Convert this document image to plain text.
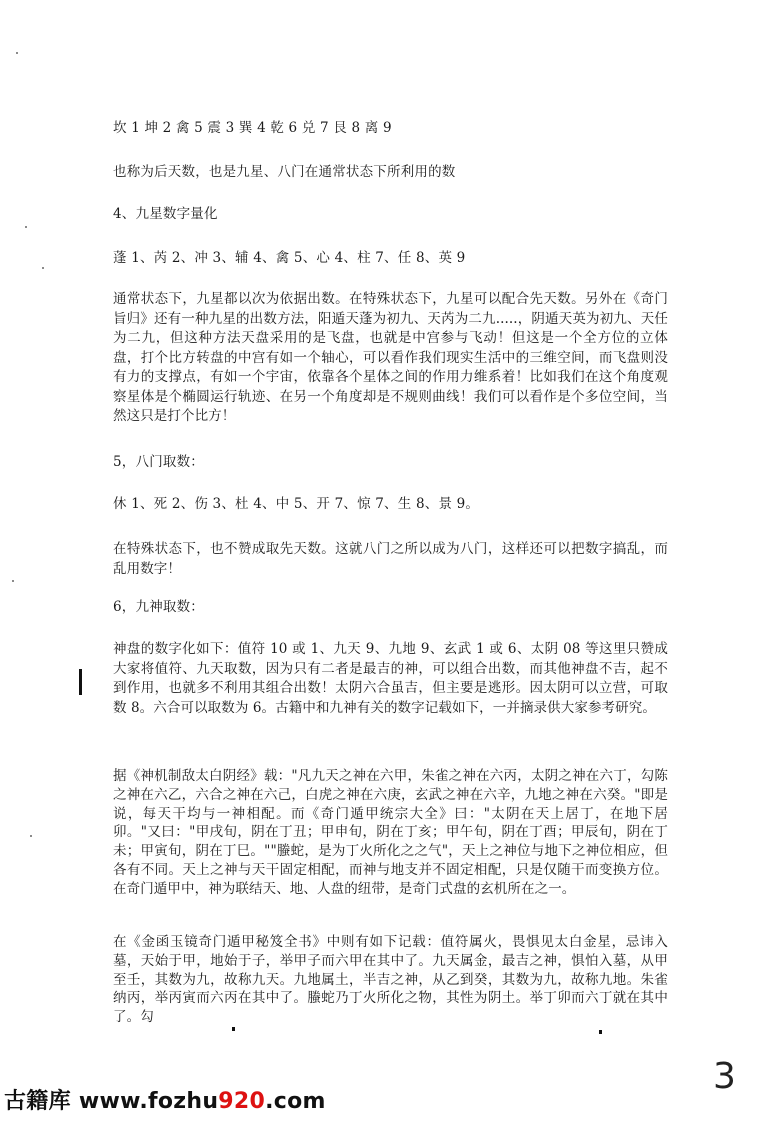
坎 1 坤 2 禽 5 震 3 巽 4 乾 6 兑 7 艮 8 离 9
也称为后天数，也是九星、八门在通常状态下所利用的数
4、九星数字量化
蓬 1、芮 2、冲 3、辅 4、禽 5、心 4、柱 7、任 8、英 9
通常状态下，九星都以次为依据出数。在特殊状态下，九星可以配合先天数。另外在《奇门旨归》还有一种九星的出数方法，阳遁天蓬为初九、天芮为二九.....，阴遁天英为初九、天任为二九，但这种方法天盘采用的是飞盘，也就是中宫参与飞动！但这是一个全方位的立体盘，打个比方转盘的中宫有如一个轴心，可以看作我们现实生活中的三维空间，而飞盘则没有力的支撑点，有如一个宇宙，依靠各个星体之间的作用力维系着！比如我们在这个角度观察星体是个椭圆运行轨迹、在另一个角度却是不规则曲线！我们可以看作是个多位空间，当然这只是打个比方！
5，八门取数：
休 1、死 2、伤 3、杜 4、中 5、开 7、惊 7、生 8、景 9。
在特殊状态下，也不赞成取先天数。这就八门之所以成为八门，这样还可以把数字搞乱，而乱用数字！
6，九神取数：
神盘的数字化如下：值符 10 或 1、九天 9、九地 9、玄武 1 或 6、太阴 08 等这里只赞成大家将值符、九天取数，因为只有二者是最吉的神，可以组合出数，而其他神盘不吉，起不到作用，也就多不利用其组合出数！太阴六合虽吉，但主要是逃形。因太阴可以立营，可取数 8。六合可以取数为 6。古籍中和九神有关的数字记载如下，一并摘录供大家参考研究。
据《神机制敌太白阴经》载："凡九天之神在六甲，朱雀之神在六丙，太阴之神在六丁，勾陈之神在六乙，六合之神在六己，白虎之神在六庚，玄武之神在六辛，九地之神在六癸。"即是说，每天干均与一神相配。而《奇门遁甲统宗大全》曰："太阴在天上居丁，在地下居卯。"又曰："甲戌旬，阴在丁丑；甲申旬，阴在丁亥；甲午旬，阴在丁酉；甲辰旬，阴在丁未；甲寅旬，阴在丁巳。""螣蛇，是为丁火所化之之气"，天上之神位与地下之神位相应，但各有不同。天上之神与天干固定相配，而神与地支并不固定相配，只是仅随干而变换方位。在奇门遁甲中，神为联结天、地、人盘的纽带，是奇门式盘的玄机所在之一。
在《金函玉镜奇门遁甲秘笈全书》中则有如下记载：值符属火，畏惧见太白金星，忌讳入墓，天始于甲，地始于子，举甲子而六甲在其中了。九天属金，最吉之神，惧怕入墓，从甲至壬，其数为九，故称九天。九地属土，半吉之神，从乙到癸，其数为九，故称九地。朱雀纳丙，举丙寅而六丙在其中了。螣蛇乃丁火所化之物，其性为阴土。举丁卯而六丁就在其中了。勾
古籍库 www.fozhu920.com
3
